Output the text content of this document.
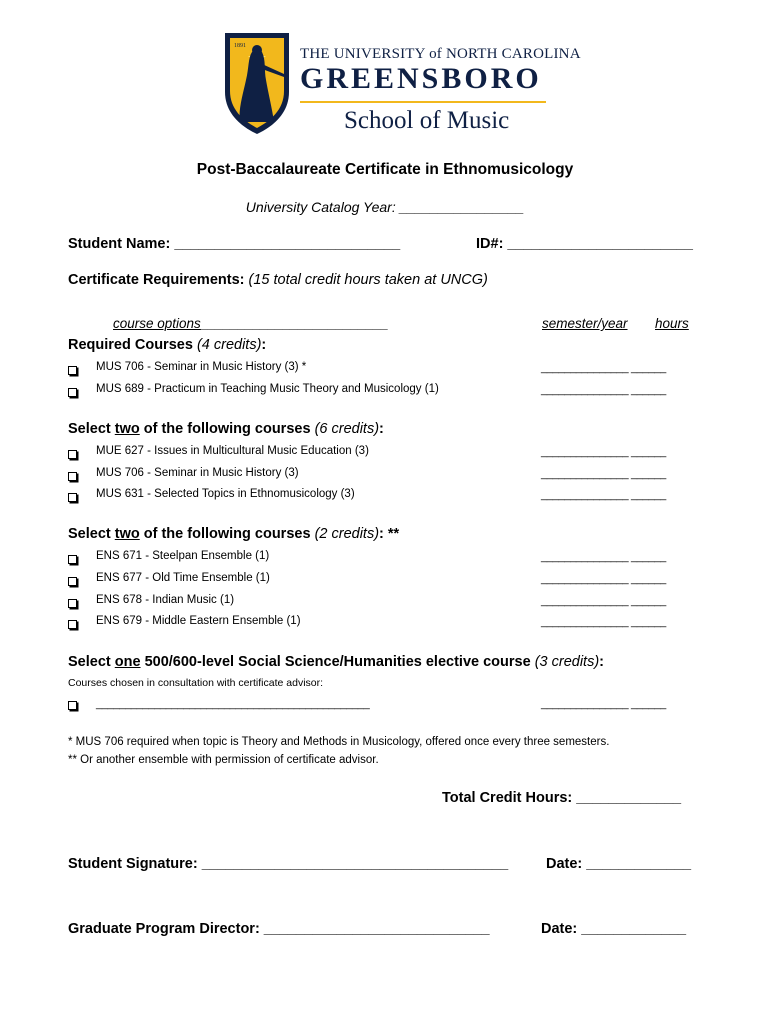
1891	THE UNIVERSITY of NORTH CAROLINA
GREENSBORO
School of Music
Post-Baccalaureate Certificate in Ethnomusicology
University Catalog Year: ________________
Student Name: ____________________________	ID#: _______________________
Certificate Requirements: (15 total credit hours taken at UNCG)
course options_________________________	semester/year hours
Required Courses (4 credits):
MUS 706 - Seminar in Music History (3) *	_______________ ______
MUS 689 - Practicum in Teaching Music Theory and Musicology (1)	_______________ ______
Select two of the following courses (6 credits):
MUE 627 - Issues in Multicultural Music Education (3)	_______________ ______
MUS 706 - Seminar in Music History (3)	_______________ ______
MUS 631 - Selected Topics in Ethnomusicology (3)	_______________ ______
Select two of the following courses (2 credits): **
ENS 671 - Steelpan Ensemble (1)	_______________ ______
ENS 677 - Old Time Ensemble (1)	_______________ ______
ENS 678 - Indian Music (1)	_______________ ______
ENS 679 - Middle Eastern Ensemble (1)	_______________ ______
Select one 500/600-level Social Science/Humanities elective course (3 credits):
Courses chosen in consultation with certificate advisor:
_______________________________________________	_______________ ______
* MUS 706 required when topic is Theory and Methods in Musicology, offered once every three semesters.
** Or another ensemble with permission of certificate advisor.
Total Credit Hours: _____________
Student Signature: ______________________________________	Date: _____________
Graduate Program Director: ____________________________	Date: _____________
